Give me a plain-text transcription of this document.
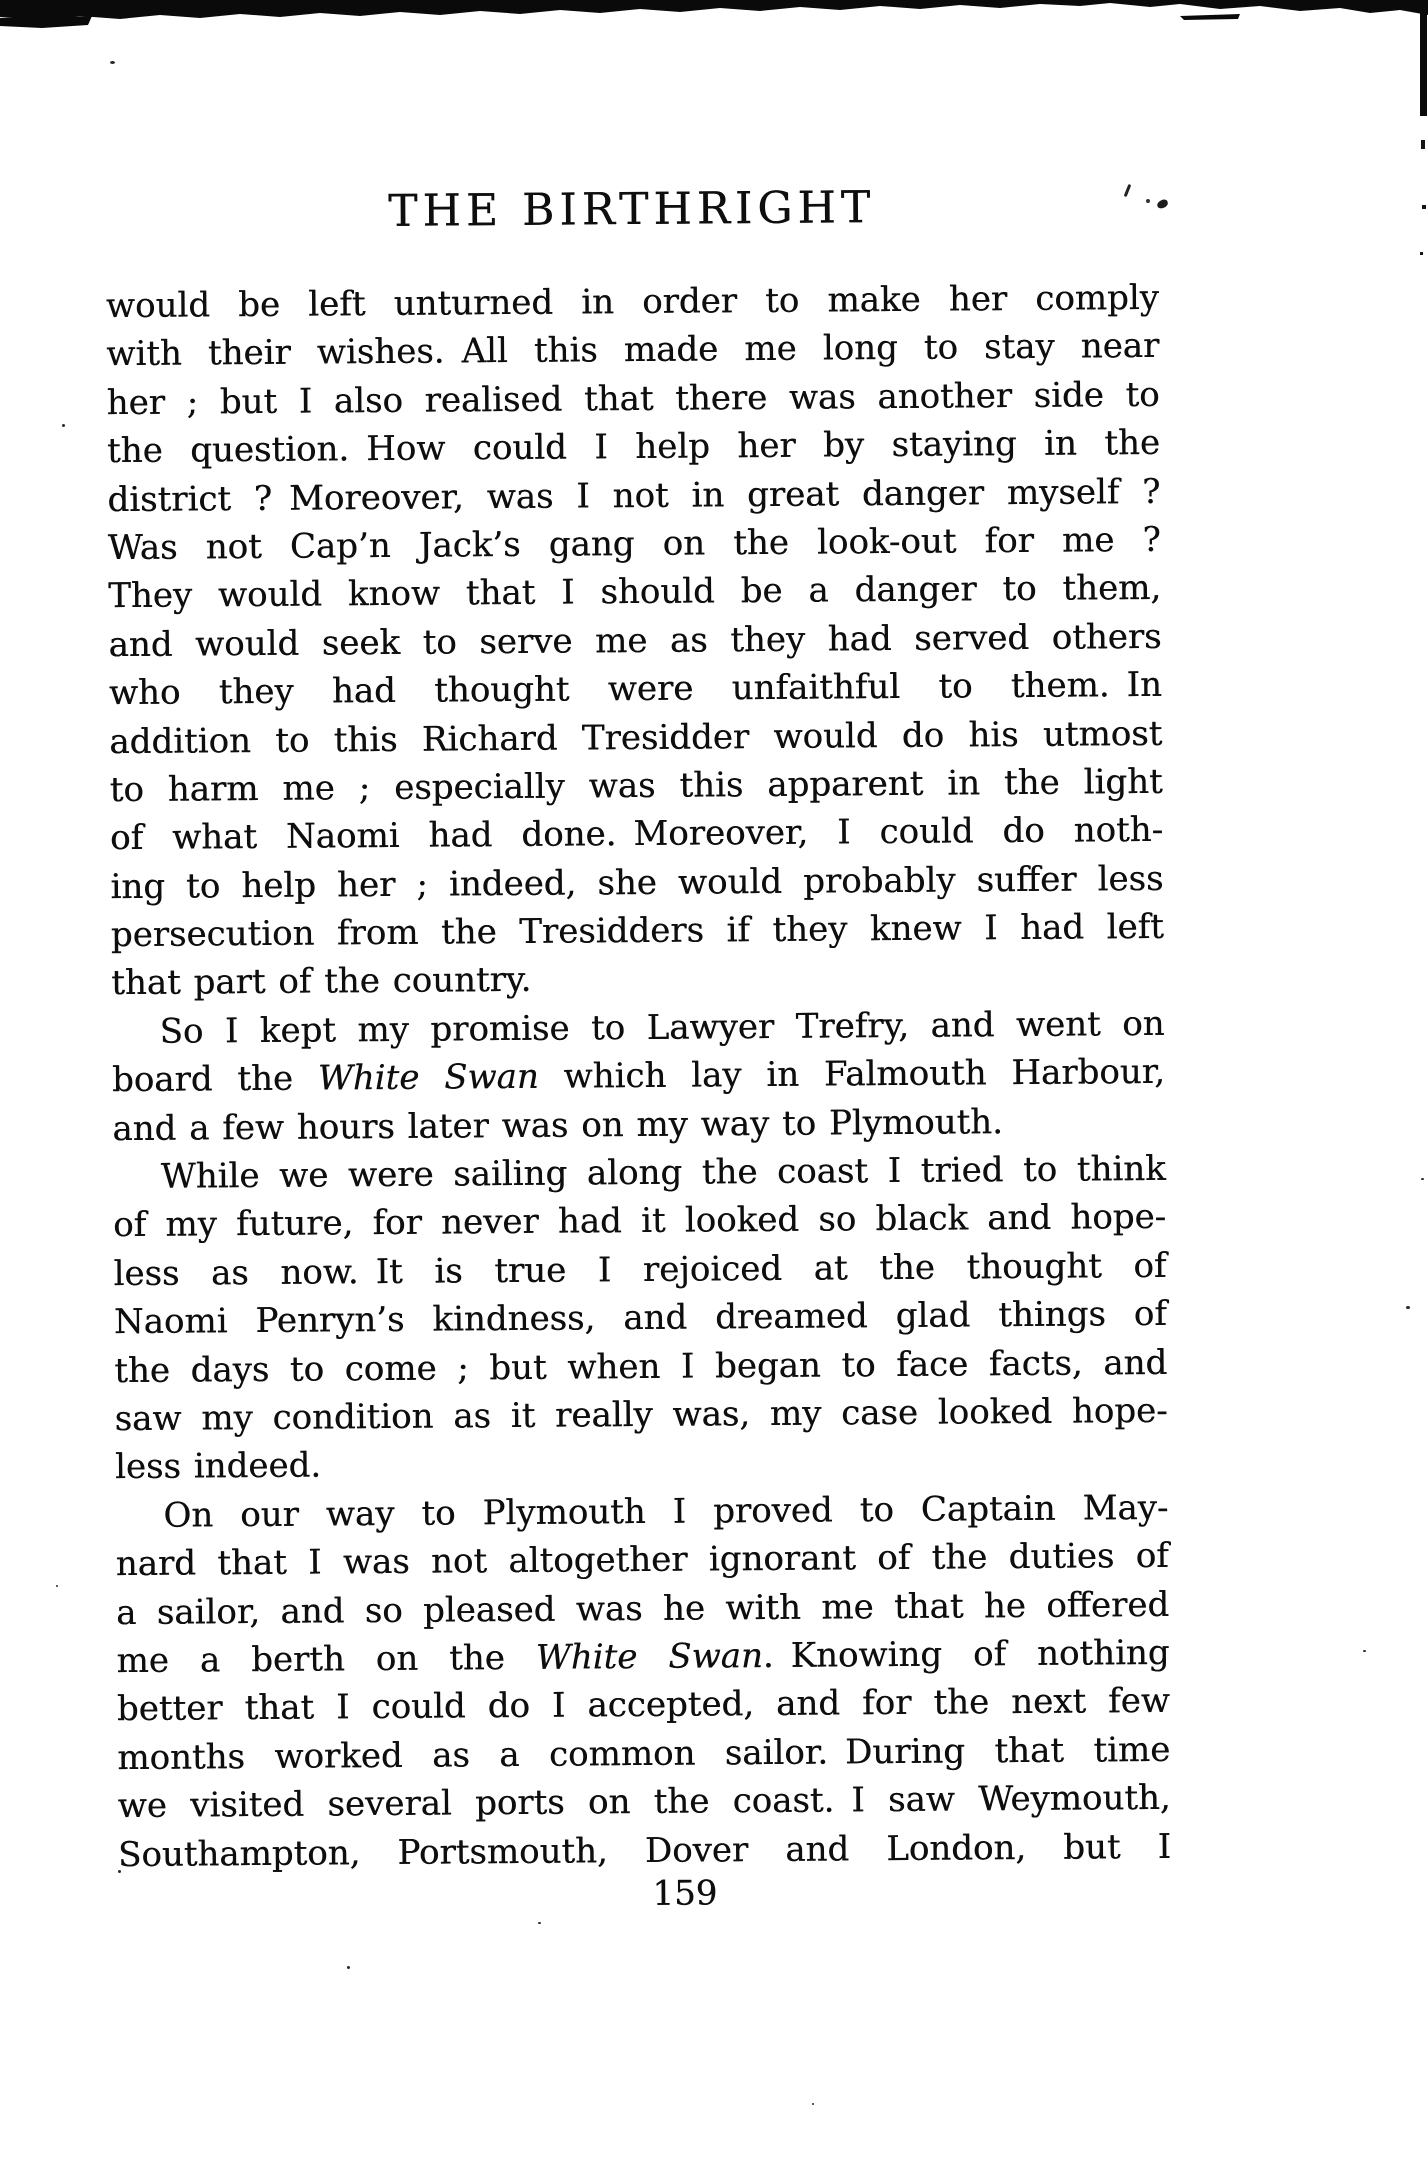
THE BIRTHRIGHT
would be left unturned in order to make her comply
with their wishes. All this made me long to stay near
her ; but I also realised that there was another side to
the question. How could I help her by staying in the
district ? Moreover, was I not in great danger myself ?
Was not Cap’n Jack’s gang on the look-out for me ?
They would know that I should be a danger to them,
and would seek to serve me as they had served others
who they had thought were unfaithful to them. In
addition to this Richard Tresidder would do his utmost
to harm me ; especially was this apparent in the light
of what Naomi had done. Moreover, I could do noth-
ing to help her ; indeed, she would probably suffer less
persecution from the Tresidders if they knew I had left
that part of the country.
So I kept my promise to Lawyer Trefry, and went on
board the White Swan which lay in Falmouth Harbour,
and a few hours later was on my way to Plymouth.
While we were sailing along the coast I tried to think
of my future, for never had it looked so black and hope-
less as now. It is true I rejoiced at the thought of
Naomi Penryn’s kindness, and dreamed glad things of
the days to come ; but when I began to face facts, and
saw my condition as it really was, my case looked hope-
less indeed.
On our way to Plymouth I proved to Captain May-
nard that I was not altogether ignorant of the duties of
a sailor, and so pleased was he with me that he offered
me a berth on the White Swan. Knowing of nothing
better that I could do I accepted, and for the next few
months worked as a common sailor. During that time
we visited several ports on the coast. I saw Weymouth,
Southampton, Portsmouth, Dover and London, but I
159
